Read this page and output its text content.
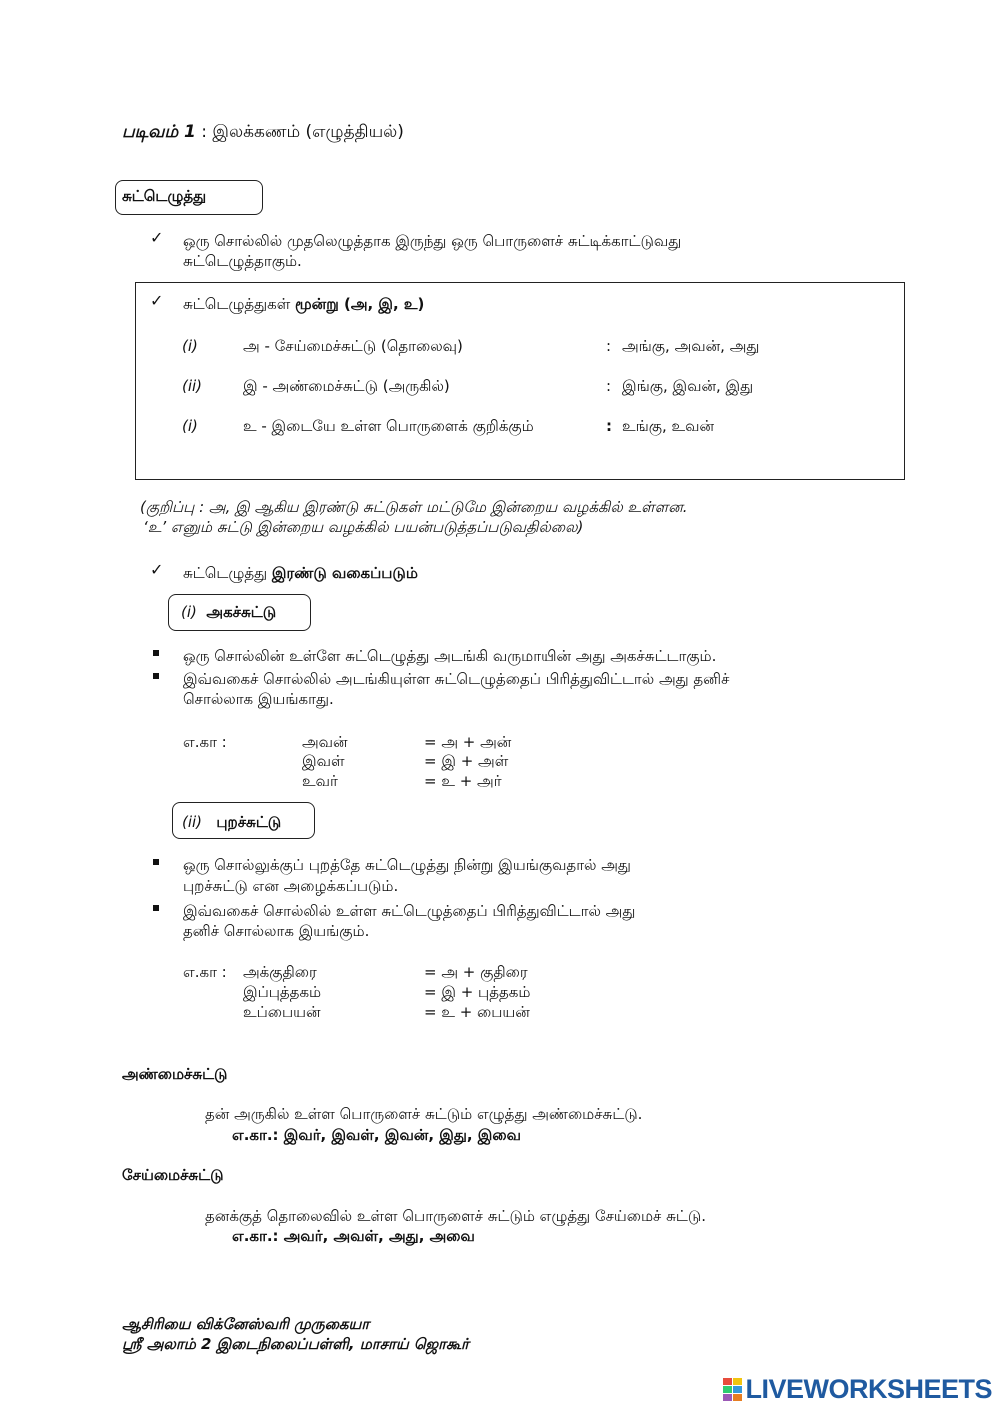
படிவம் 1 : இலக்கணம் (எழுத்தியல்)
சுட்டெழுத்து
✓ ஒரு சொல்லில் முதலெழுத்தாக இருந்து ஒரு பொருளைச் சுட்டிக்காட்டுவது
சுட்டெழுத்தாகும்.
✓ சுட்டெழுத்துகள் மூன்று (அ, இ, உ)
(i)	அ - சேய்மைச்சுட்டு (தொலைவு)	: அங்கு, அவன், அது
(ii)	இ - அண்மைச்சுட்டு (அருகில்)	: இங்கு, இவன், இது
(i)	உ - இடையே உள்ள பொருளைக் குறிக்கும்	: உங்கு, உவன்
(குறிப்பு : அ, இ ஆகிய இரண்டு சுட்டுகள் மட்டுமே இன்றைய வழக்கில் உள்ளன.
‘உ’ எனும் சுட்டு இன்றைய வழக்கில் பயன்படுத்தப்படுவதில்லை)
✓ சுட்டெழுத்து இரண்டு வகைப்படும்
(i) அகச்சுட்டு
ஒரு சொல்லின் உள்ளே சுட்டெழுத்து அடங்கி வருமாயின் அது அகச்சுட்டாகும்.
இவ்வகைச் சொல்லில் அடங்கியுள்ள சுட்டெழுத்தைப் பிரித்துவிட்டால் அது தனிச்
சொல்லாக இயங்காது.
எ.கா :	அவன்	= அ + அன்
இவள்	= இ + அள்
உவர்	= உ + அர்
(ii) புறச்சுட்டு
ஒரு சொல்லுக்குப் புறத்தே சுட்டெழுத்து நின்று இயங்குவதால் அது
புறச்சுட்டு என அழைக்கப்படும்.
இவ்வகைச் சொல்லில் உள்ள சுட்டெழுத்தைப் பிரித்துவிட்டால் அது
தனிச் சொல்லாக இயங்கும்.
எ.கா : அக்குதிரை	= அ + குதிரை
இப்புத்தகம்	= இ + புத்தகம்
உப்பையன்	= உ + பையன்
அண்மைச்சுட்டு
தன் அருகில் உள்ள பொருளைச் சுட்டும் எழுத்து அண்மைச்சுட்டு.
எ.கா.: இவர், இவள், இவன், இது, இவை
சேய்மைச்சுட்டு
தனக்குத் தொலைவில் உள்ள பொருளைச் சுட்டும் எழுத்து சேய்மைச் சுட்டு.
எ.கா.: அவர், அவள், அது, அவை
ஆசிரியை விக்னேஸ்வரி முருகையா
ஸ்ரீ அலாம் 2 இடைநிலைப்பள்ளி, மாசாய் ஜொகூர்
LIVEWORKSHEETS
